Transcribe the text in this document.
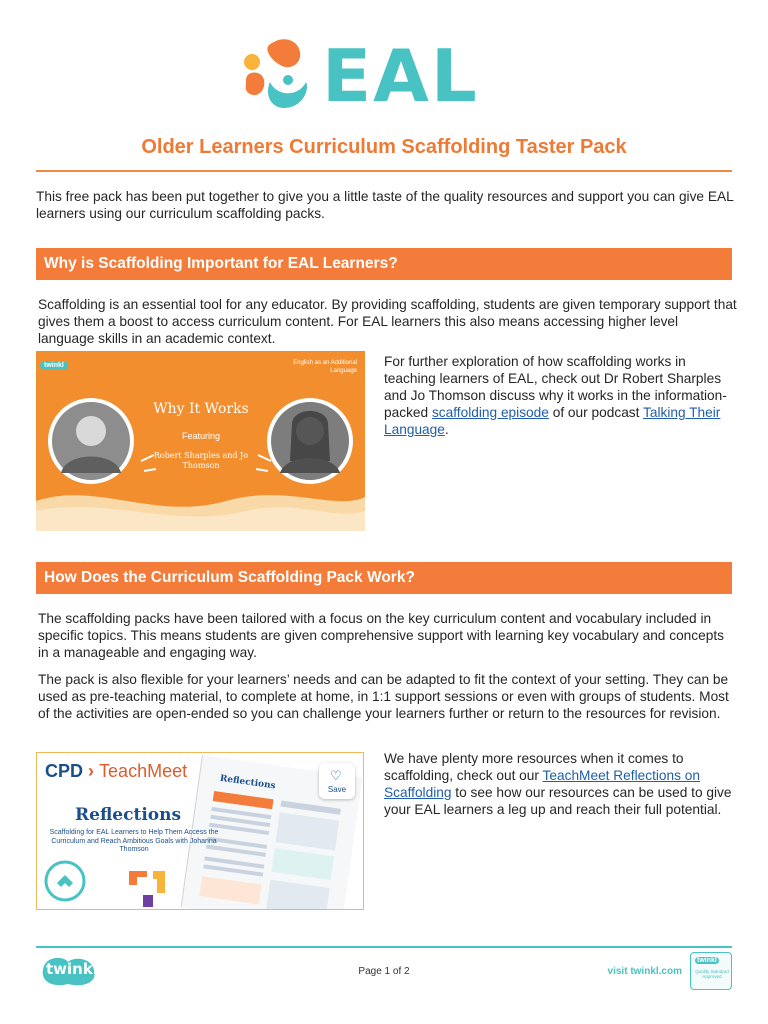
EAL
Older Learners Curriculum Scaffolding Taster Pack

This free pack has been put together to give you a little taste of the quality resources and support you can give EAL learners using our curriculum scaffolding packs.

Why is Scaffolding Important for EAL Learners?

Scaffolding is an essential tool for any educator. By providing scaffolding, students are given temporary support that gives them a boost to access curriculum content. For EAL learners this also means accessing higher level language skills in an academic context.

twinkl	English as an Additional Language
Why It Works
Featuring
Robert Sharples and Jo Thomson

For further exploration of how scaffolding works in teaching learners of EAL, check out Dr Robert Sharples and Jo Thomson discuss why it works in the information-packed scaffolding episode of our podcast Talking Their Language.

How Does the Curriculum Scaffolding Pack Work?

The scaffolding packs have been tailored with a focus on the key curriculum content and vocabulary included in specific topics. This means students are given comprehensive support with learning key vocabulary and concepts in a manageable and engaging way.

The pack is also flexible for your learners’ needs and can be adapted to fit the context of your setting. They can be used as pre-teaching material, to complete at home, in 1:1 support sessions or even with groups of students. Most of the activities are open-ended so you can challenge your learners further or return to the resources for revision.

Reflections
CPD › TeachMeet
Reflections
Scaffolding for EAL Learners to Help Them Access the Curriculum and Reach Ambitious Goals with Johanna Thomson
♡
Save

We have plenty more resources when it comes to scaffolding, check out our TeachMeet Reflections on Scaffolding to see how our resources can be used to give your EAL learners a leg up and reach their full potential.

twinkl	Page 1 of 2	visit twinkl.com
twinkl
Quality Standard Approved
